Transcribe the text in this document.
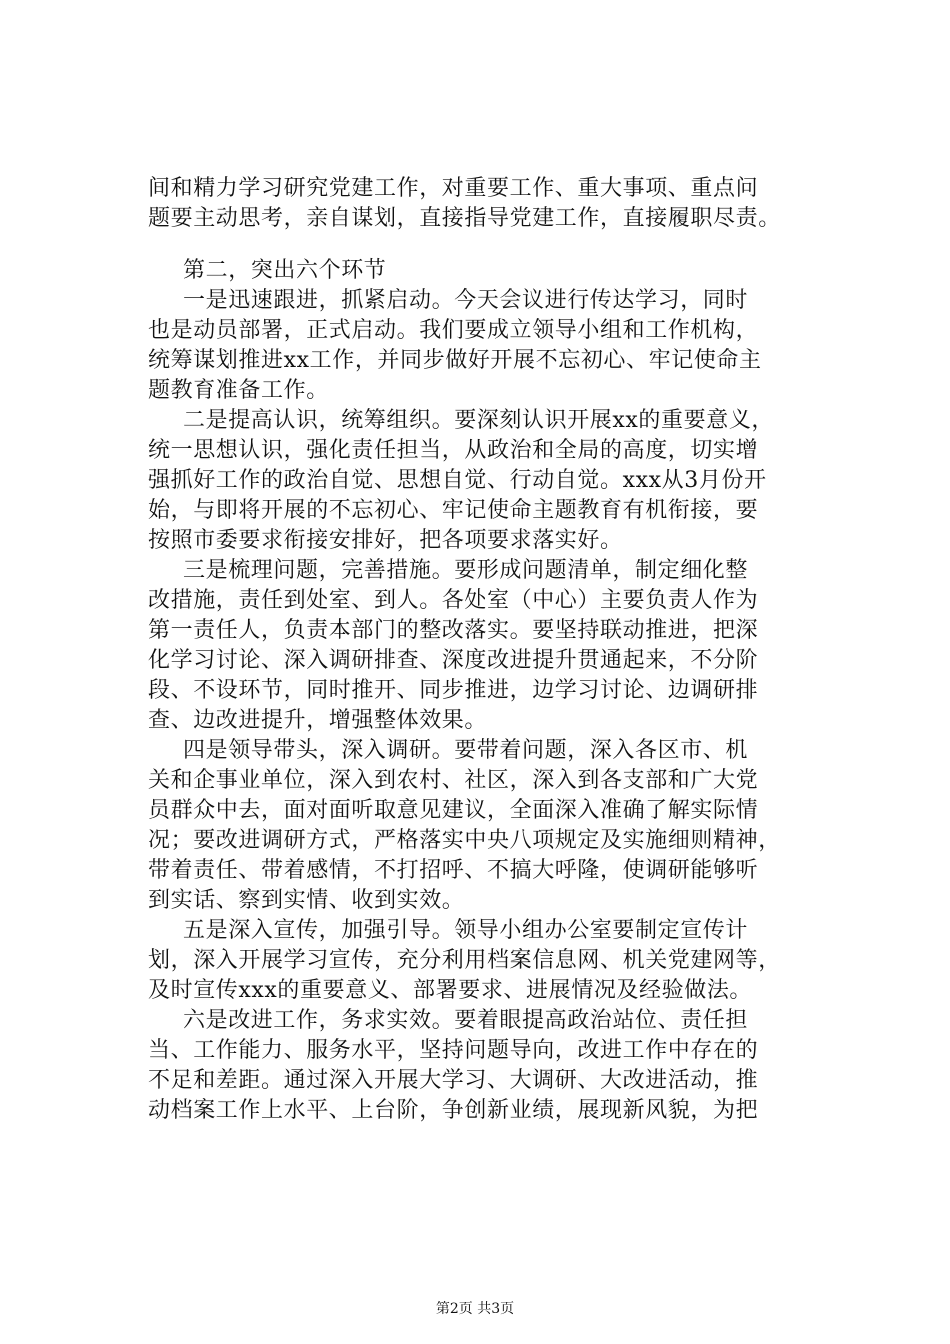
间和精力学习研究党建工作，对重要工作、重大事项、重点问
题要主动思考，亲自谋划，直接指导党建工作，直接履职尽责。
第二，突出六个环节
一是迅速跟进，抓紧启动。今天会议进行传达学习，同时
也是动员部署，正式启动。我们要成立领导小组和工作机构，
统筹谋划推进xx工作，并同步做好开展不忘初心、牢记使命主
题教育准备工作。
二是提高认识，统筹组织。要深刻认识开展xx的重要意义，
统一思想认识，强化责任担当，从政治和全局的高度，切实增
强抓好工作的政治自觉、思想自觉、行动自觉。xxx从3月份开
始，与即将开展的不忘初心、牢记使命主题教育有机衔接，要
按照市委要求衔接安排好，把各项要求落实好。
三是梳理问题，完善措施。要形成问题清单，制定细化整
改措施，责任到处室、到人。各处室（中心）主要负责人作为
第一责任人，负责本部门的整改落实。要坚持联动推进，把深
化学习讨论、深入调研排查、深度改进提升贯通起来，不分阶
段、不设环节，同时推开、同步推进，边学习讨论、边调研排
查、边改进提升，增强整体效果。
四是领导带头，深入调研。要带着问题，深入各区市、机
关和企事业单位，深入到农村、社区，深入到各支部和广大党
员群众中去，面对面听取意见建议，全面深入准确了解实际情
况；要改进调研方式，严格落实中央八项规定及实施细则精神，
带着责任、带着感情，不打招呼、不搞大呼隆，使调研能够听
到实话、察到实情、收到实效。
五是深入宣传，加强引导。领导小组办公室要制定宣传计
划，深入开展学习宣传，充分利用档案信息网、机关党建网等，
及时宣传xxx的重要意义、部署要求、进展情况及经验做法。
六是改进工作，务求实效。要着眼提高政治站位、责任担
当、工作能力、服务水平，坚持问题导向，改进工作中存在的
不足和差距。通过深入开展大学习、大调研、大改进活动，推
动档案工作上水平、上台阶，争创新业绩，展现新风貌，为把
第2页 共3页
